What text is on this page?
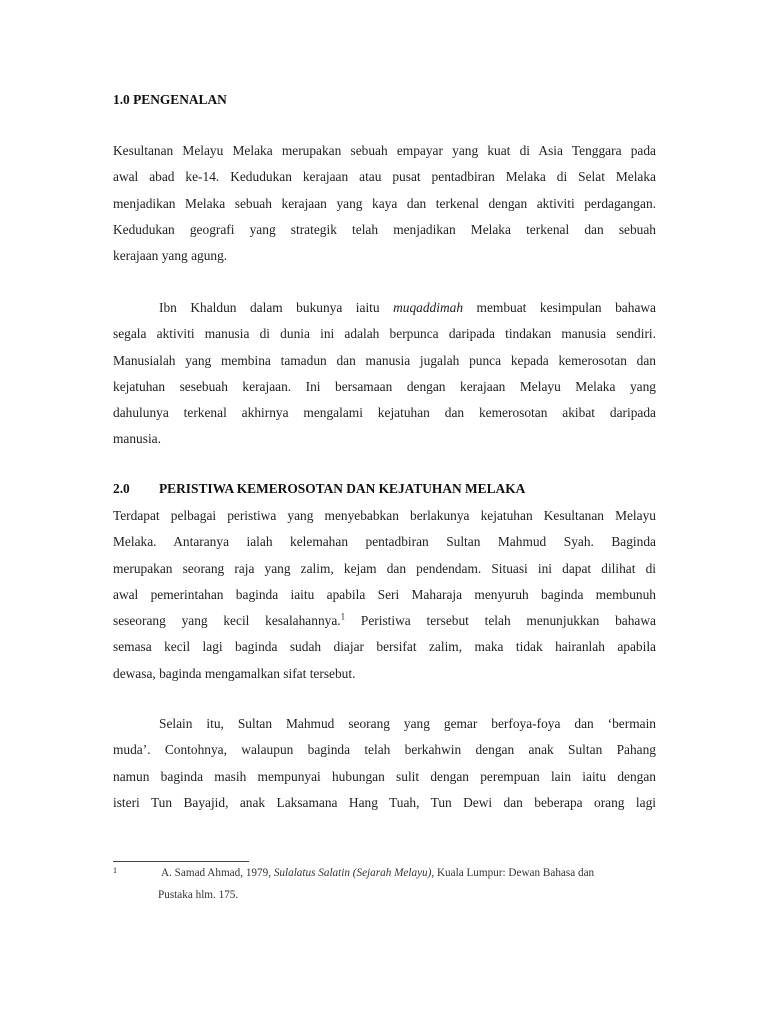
1.0 PENGENALAN
Kesultanan Melayu Melaka merupakan sebuah empayar yang kuat di Asia Tenggara pada
awal abad ke-14. Kedudukan kerajaan atau pusat pentadbiran Melaka di Selat Melaka
menjadikan Melaka sebuah kerajaan yang kaya dan terkenal dengan aktiviti perdagangan.
Kedudukan geografi yang strategik telah menjadikan Melaka terkenal dan sebuah
kerajaan yang agung.
Ibn Khaldun dalam bukunya iaitu muqaddimah membuat kesimpulan bahawa
segala aktiviti manusia di dunia ini adalah berpunca daripada tindakan manusia sendiri.
Manusialah yang membina tamadun dan manusia jugalah punca kepada kemerosotan dan
kejatuhan sesebuah kerajaan. Ini bersamaan dengan kerajaan Melayu Melaka yang
dahulunya terkenal akhirnya mengalami kejatuhan dan kemerosotan akibat daripada
manusia.
2.0 PERISTIWA KEMEROSOTAN DAN KEJATUHAN MELAKA
Terdapat pelbagai peristiwa yang menyebabkan berlakunya kejatuhan Kesultanan Melayu
Melaka. Antaranya ialah kelemahan pentadbiran Sultan Mahmud Syah. Baginda
merupakan seorang raja yang zalim, kejam dan pendendam. Situasi ini dapat dilihat di
awal pemerintahan baginda iaitu apabila Seri Maharaja menyuruh baginda membunuh
seseorang yang kecil kesalahannya.$^1$ Peristiwa tersebut telah menunjukkan bahawa
semasa kecil lagi baginda sudah diajar bersifat zalim, maka tidak hairanlah apabila
dewasa, baginda mengamalkan sifat tersebut.
Selain itu, Sultan Mahmud seorang yang gemar berfoya-foya dan ‘bermain
muda’. Contohnya, walaupun baginda telah berkahwin dengan anak Sultan Pahang
namun baginda masih mempunyai hubungan sulit dengan perempuan lain iaitu dengan
isteri Tun Bayajid, anak Laksamana Hang Tuah, Tun Dewi dan beberapa orang lagi
1	A. Samad Ahmad, 1979, Sulalatus Salatin (Sejarah Melayu), Kuala Lumpur: Dewan Bahasa dan
Pustaka hlm. 175.
